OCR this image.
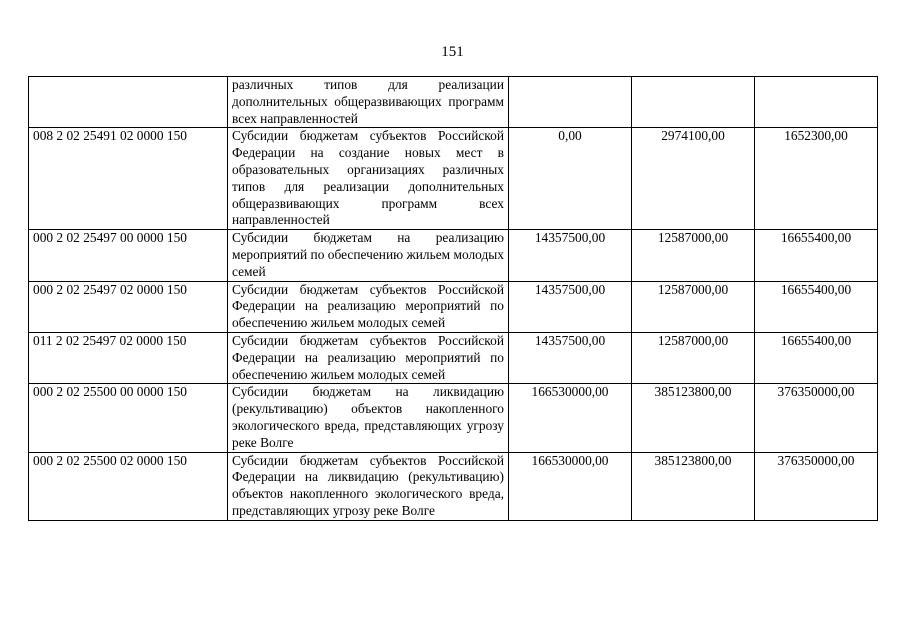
151
	различных типов для реализации дополнительных общеразвивающих программ всех направленностей			
008 2 02 25491 02 0000 150	Субсидии бюджетам субъектов Российской Федерации на создание новых мест в образовательных организациях различных типов для реализации дополнительных общеразвивающих программ всех направленностей	0,00	2974100,00	1652300,00
000 2 02 25497 00 0000 150	Субсидии бюджетам на реализацию мероприятий по обеспечению жильем молодых семей	14357500,00	12587000,00	16655400,00
000 2 02 25497 02 0000 150	Субсидии бюджетам субъектов Российской Федерации на реализацию мероприятий по обеспечению жильем молодых семей	14357500,00	12587000,00	16655400,00
011 2 02 25497 02 0000 150	Субсидии бюджетам субъектов Российской Федерации на реализацию мероприятий по обеспечению жильем молодых семей	14357500,00	12587000,00	16655400,00
000 2 02 25500 00 0000 150	Субсидии бюджетам на ликвидацию (рекультивацию) объектов накопленного экологического вреда, представляющих угрозу реке Волге	166530000,00	385123800,00	376350000,00
000 2 02 25500 02 0000 150	Субсидии бюджетам субъектов Российской Федерации на ликвидацию (рекультивацию) объектов накопленного экологического вреда, представляющих угрозу реке Волге	166530000,00	385123800,00	376350000,00
